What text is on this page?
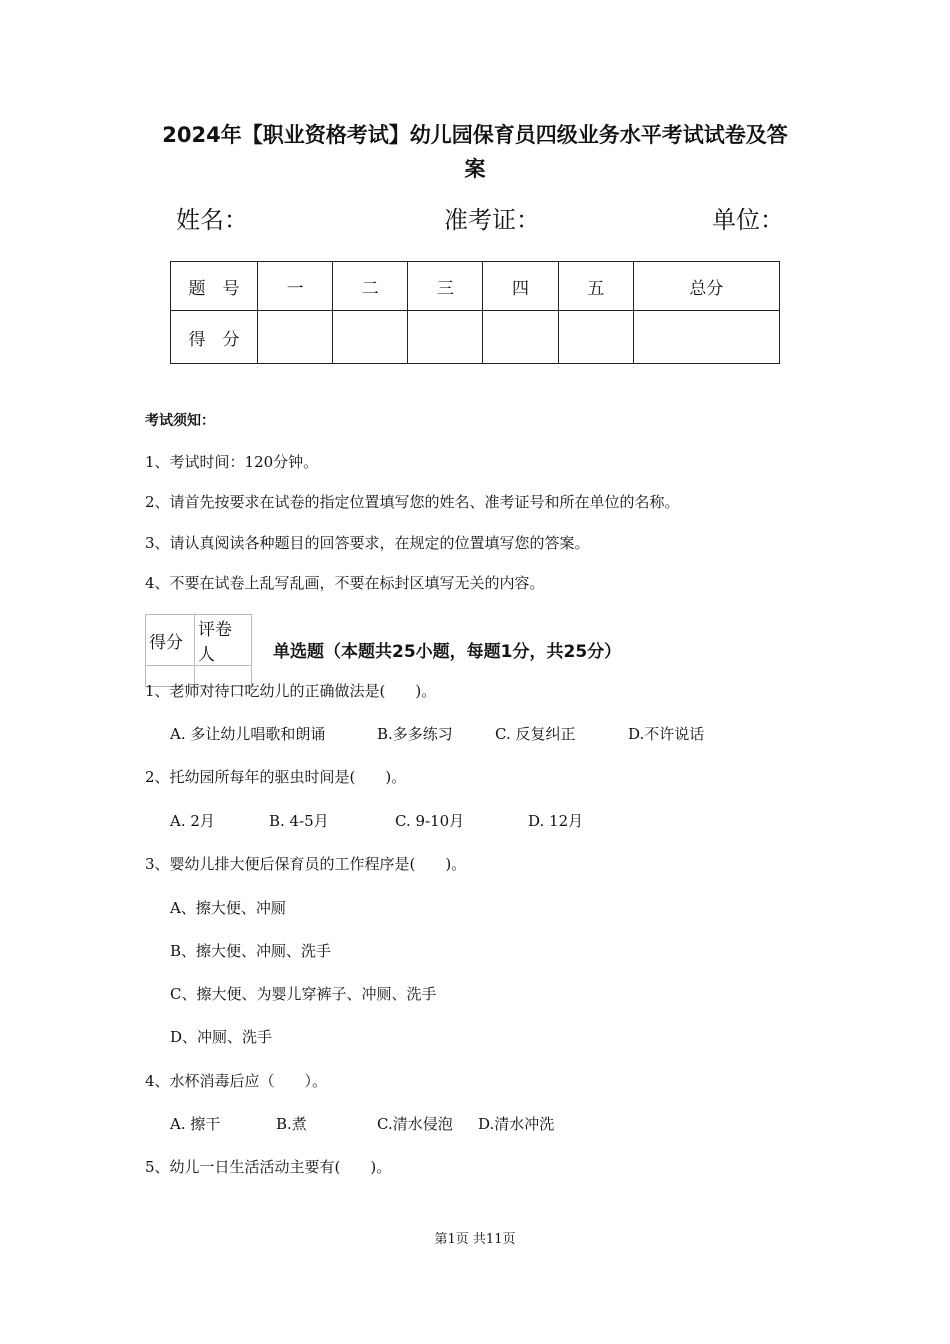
2024年【职业资格考试】幼儿园保育员四级业务水平考试试卷及答
案
姓名：	准考证：	单位：
题　号	一	二	三	四	五	总分
得　分						
考试须知：
1、考试时间：120分钟。
2、请首先按要求在试卷的指定位置填写您的姓名、准考证号和所在单位的名称。
3、请认真阅读各种题目的回答要求，在规定的位置填写您的答案。
4、不要在试卷上乱写乱画，不要在标封区填写无关的内容。
得分	评卷人
		单选题（本题共25小题，每题1分，共25分）
1、老师对待口吃幼儿的正确做法是(　　)。
A. 多让幼儿唱歌和朗诵	B.多多练习	C. 反复纠正	D.不许说话
2、托幼园所每年的驱虫时间是(　　)。
A. 2月	B. 4-5月	C. 9-10月	D. 12月
3、婴幼儿排大便后保育员的工作程序是(　　)。
A、擦大便、冲厕
B、擦大便、冲厕、洗手
C、擦大便、为婴儿穿裤子、冲厕、洗手
D、冲厕、洗手
4、水杯消毒后应（　　）。
A. 擦干	B.煮	C.清水侵泡 D.清水冲洗
5、幼儿一日生活活动主要有(　　)。
第1页 共11页
